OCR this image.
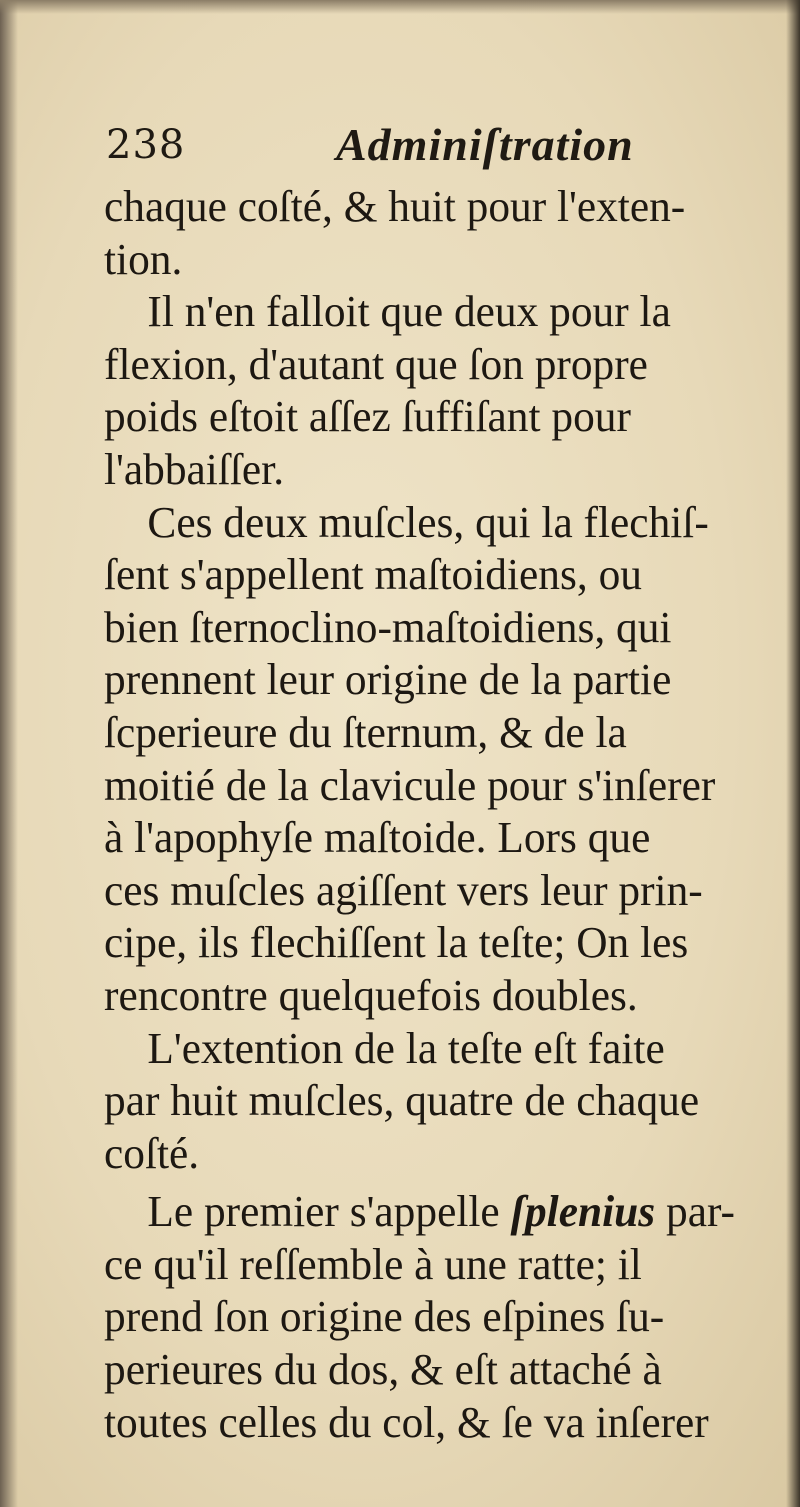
238	Adminiſtration
chaque coſté, & huit pour l'exten-
tion.
Il n'en falloit que deux pour la
flexion, d'autant que ſon propre
poids eſtoit aſſez ſuffiſant pour
l'abbaiſſer.
Ces deux muſcles, qui la flechiſ-
ſent s'appellent maſtoidiens, ou
bien ſternoclino-maſtoidiens, qui
prennent leur origine de la partie
ſcperieure du ſternum, & de la
moitié de la clavicule pour s'inſerer
à l'apophyſe maſtoide. Lors que
ces muſcles agiſſent vers leur prin-
cipe, ils flechiſſent la teſte; On les
rencontre quelquefois doubles.
L'extention de la teſte eſt faite
par huit muſcles, quatre de chaque
coſté.
Le premier s'appelle ſplenius par-
ce qu'il reſſemble à une ratte; il
prend ſon origine des eſpines ſu-
perieures du dos, & eſt attaché à
toutes celles du col, & ſe va inſerer
